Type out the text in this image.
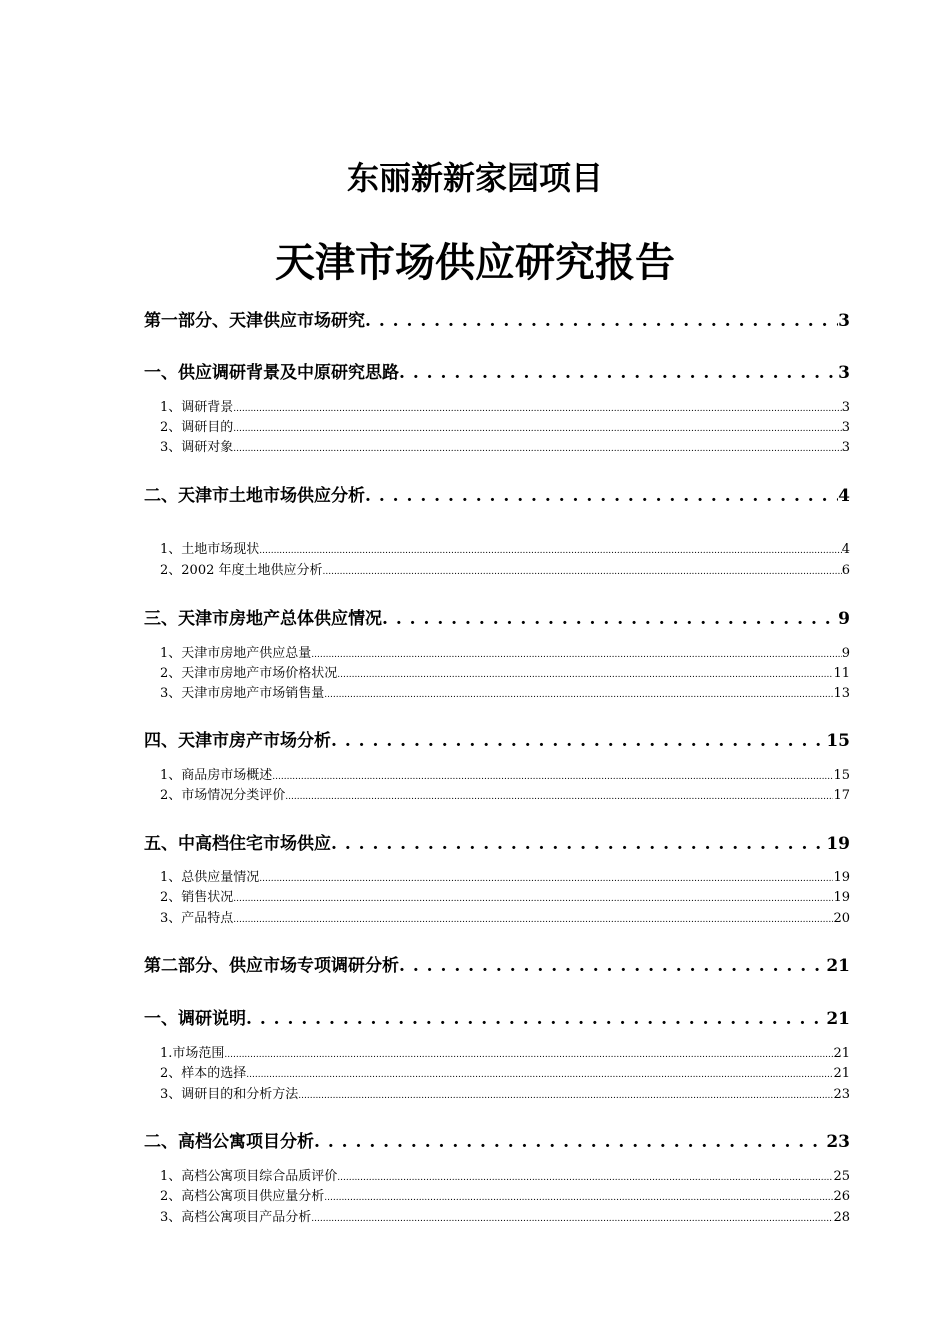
东丽新新家园项目
天津市场供应研究报告
第一部分、天津供应市场研究 . . .	3
一、供应调研背景及中原研究思路 . . .	3
1、调研背景 .....	3
2、调研目的 .....	3
3、调研对象 .....	3
二、天津市土地市场供应分析 . . .	4
1、土地市场现状 .....	4
2、2002 年度土地供应分析 .....	6
三、天津市房地产总体供应情况 . . .	9
1、天津市房地产供应总量 .....	9
2、天津市房地产市场价格状况 .....	11
3、天津市房地产市场销售量 .....	13
四、天津市房产市场分析 . . .	15
1、商品房市场概述 .....	15
2、市场情况分类评价 .....	17
五、中高档住宅市场供应 . . .	19
1、总供应量情况 .....	19
2、销售状况 .....	19
3、产品特点 .....	20
第二部分、供应市场专项调研分析 . . .	21
一、调研说明 . . .	21
1.市场范围 .....	21
2、样本的选择 .....	21
3、调研目的和分析方法 .....	23
二、高档公寓项目分析 . . .	23
1、高档公寓项目综合品质评价 .....	25
2、高档公寓项目供应量分析 .....	26
3、高档公寓项目产品分析 .....	28
